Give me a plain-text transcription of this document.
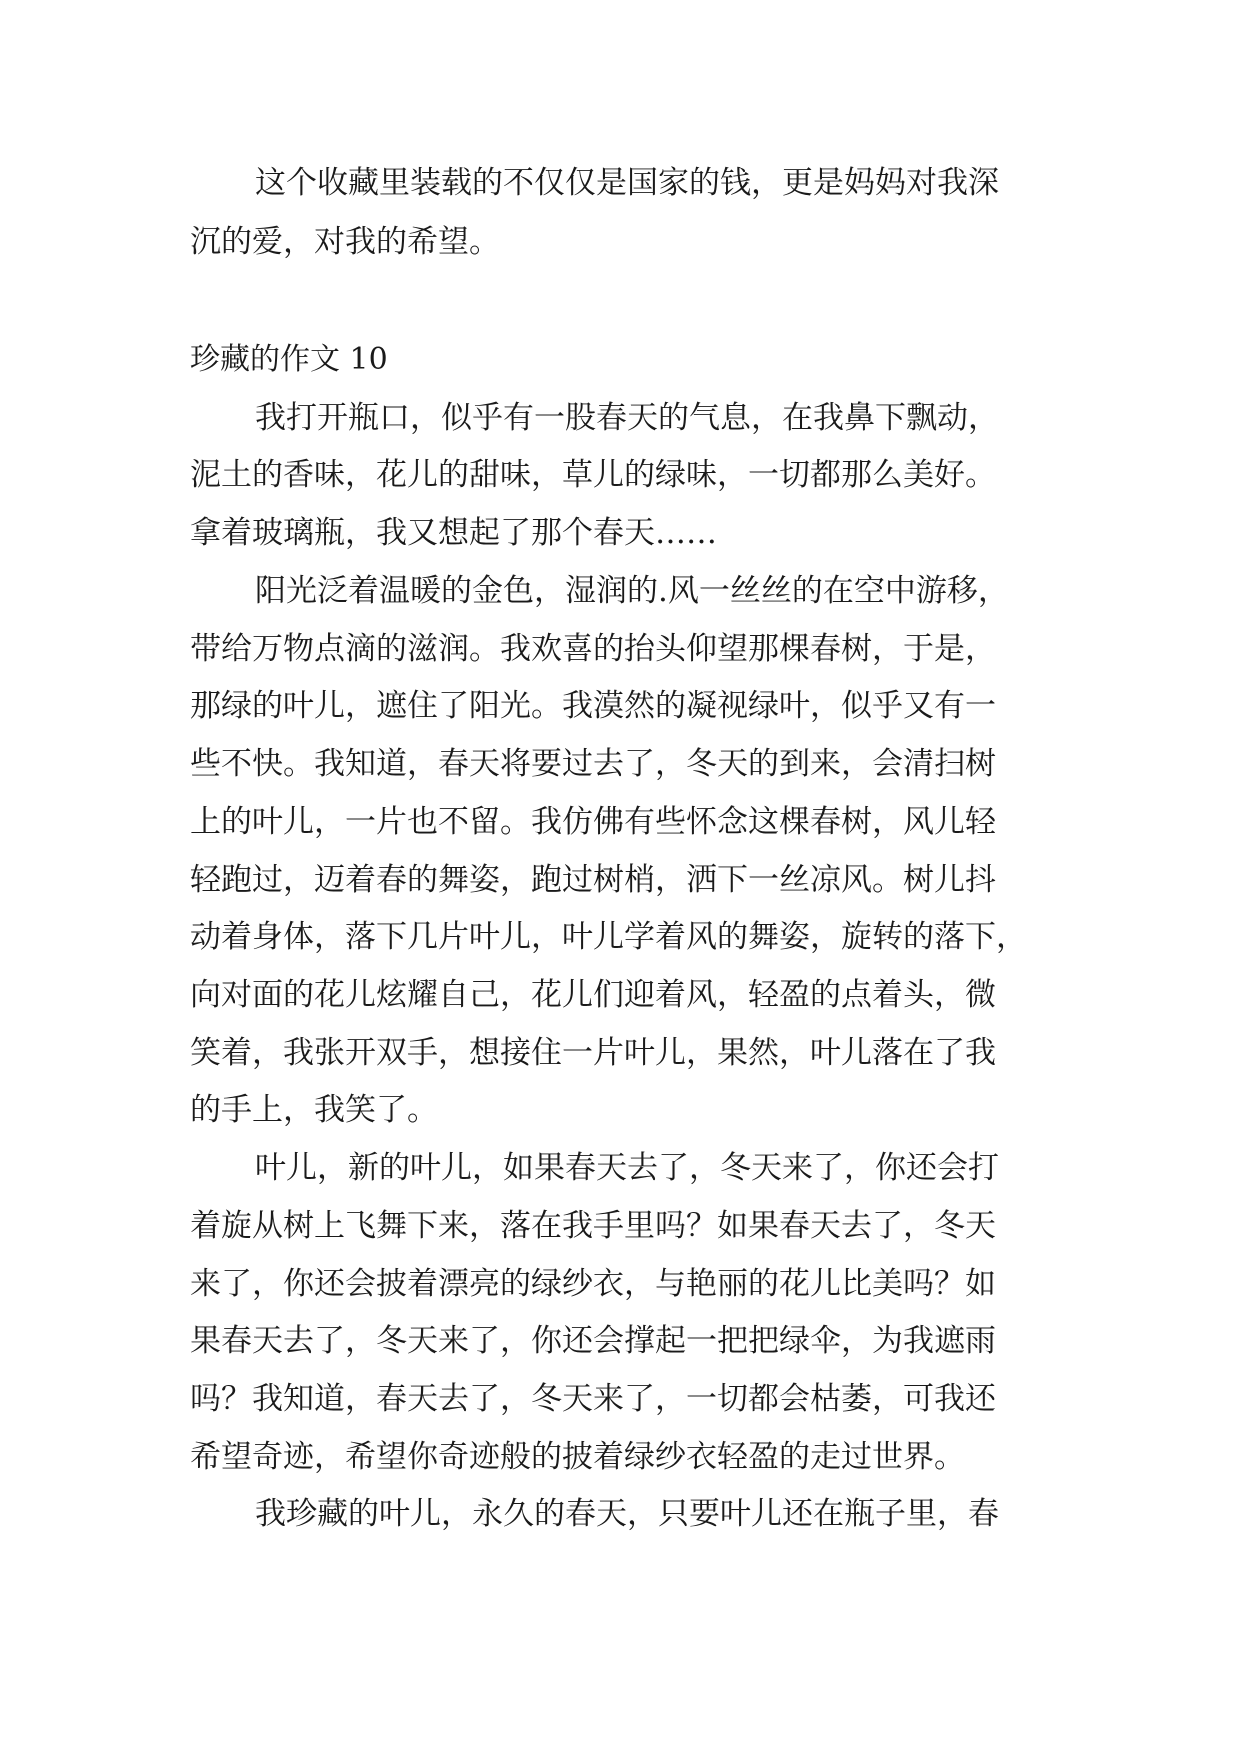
这个收藏里装载的不仅仅是国家的钱，更是妈妈对我深
沉的爱，对我的希望。
珍藏的作文 10
我打开瓶口，似乎有一股春天的气息，在我鼻下飘动，
泥土的香味，花儿的甜味，草儿的绿味，一切都那么美好。
拿着玻璃瓶，我又想起了那个春天……
阳光泛着温暖的金色，湿润的.风一丝丝的在空中游移，
带给万物点滴的滋润。我欢喜的抬头仰望那棵春树，于是，
那绿的叶儿，遮住了阳光。我漠然的凝视绿叶，似乎又有一
些不快。我知道，春天将要过去了，冬天的到来，会清扫树
上的叶儿，一片也不留。我仿佛有些怀念这棵春树，风儿轻
轻跑过，迈着春的舞姿，跑过树梢，洒下一丝凉风。树儿抖
动着身体，落下几片叶儿，叶儿学着风的舞姿，旋转的落下，
向对面的花儿炫耀自己，花儿们迎着风，轻盈的点着头，微
笑着，我张开双手，想接住一片叶儿，果然，叶儿落在了我
的手上，我笑了。
叶儿，新的叶儿，如果春天去了，冬天来了，你还会打
着旋从树上飞舞下来，落在我手里吗？如果春天去了，冬天
来了，你还会披着漂亮的绿纱衣，与艳丽的花儿比美吗？如
果春天去了，冬天来了，你还会撑起一把把绿伞，为我遮雨
吗？我知道，春天去了，冬天来了，一切都会枯萎，可我还
希望奇迹，希望你奇迹般的披着绿纱衣轻盈的走过世界。
我珍藏的叶儿，永久的春天，只要叶儿还在瓶子里，春
